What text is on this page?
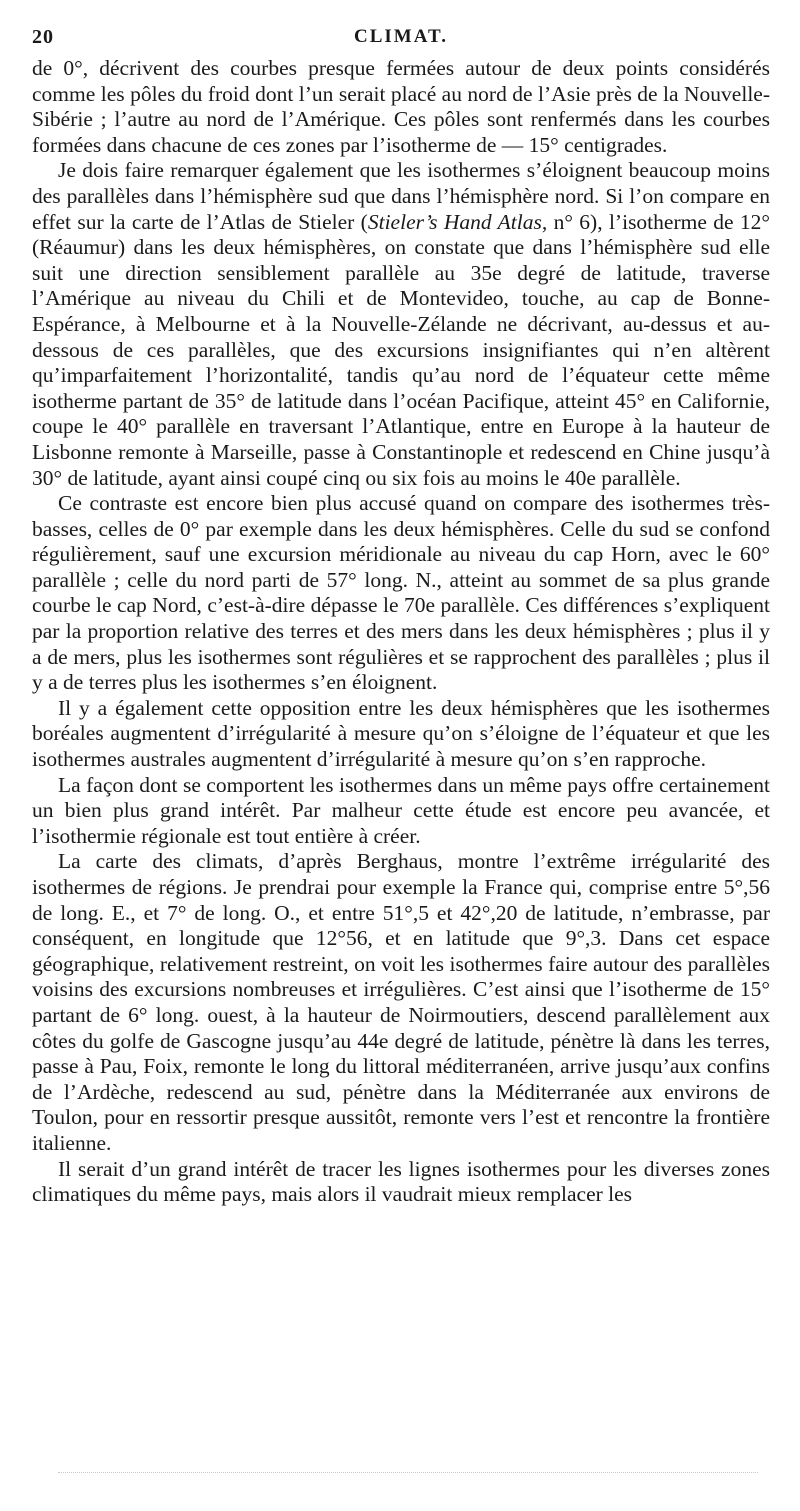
20	CLIMAT.

de 0°, décrivent des courbes presque fermées autour de deux points considérés comme les pôles du froid dont l’un serait placé au nord de l’Asie près de la Nouvelle-Sibérie ; l’autre au nord de l’Amérique. Ces pôles sont renfermés dans les courbes formées dans chacune de ces zones par l’isotherme de — 15° centigrades.

Je dois faire remarquer également que les isothermes s’éloignent beaucoup moins des parallèles dans l’hémisphère sud que dans l’hémisphère nord. Si l’on compare en effet sur la carte de l’Atlas de Stieler (Stieler’s Hand Atlas, n° 6), l’isotherme de 12° (Réaumur) dans les deux hémisphères, on constate que dans l’hémisphère sud elle suit une direction sensiblement parallèle au 35e degré de latitude, traverse l’Amérique au niveau du Chili et de Montevideo, touche, au cap de Bonne-Espérance, à Melbourne et à la Nouvelle-Zélande ne décrivant, au-dessus et au-dessous de ces parallèles, que des excursions insignifiantes qui n’en altèrent qu’imparfaitement l’horizontalité, tandis qu’au nord de l’équateur cette même isotherme partant de 35° de latitude dans l’océan Pacifique, atteint 45° en Californie, coupe le 40° parallèle en traversant l’Atlantique, entre en Europe à la hauteur de Lisbonne remonte à Marseille, passe à Constantinople et redescend en Chine jusqu’à 30° de latitude, ayant ainsi coupé cinq ou six fois au moins le 40e parallèle.

Ce contraste est encore bien plus accusé quand on compare des isothermes très-basses, celles de 0° par exemple dans les deux hémisphères. Celle du sud se confond régulièrement, sauf une excursion méridionale au niveau du cap Horn, avec le 60° parallèle ; celle du nord parti de 57° long. N., atteint au sommet de sa plus grande courbe le cap Nord, c’est-à-dire dépasse le 70e parallèle. Ces différences s’expliquent par la proportion relative des terres et des mers dans les deux hémisphères ; plus il y a de mers, plus les isothermes sont régulières et se rapprochent des parallèles ; plus il y a de terres plus les isothermes s’en éloignent.

Il y a également cette opposition entre les deux hémisphères que les isothermes boréales augmentent d’irrégularité à mesure qu’on s’éloigne de l’équateur et que les isothermes australes augmentent d’irrégularité à mesure qu’on s’en rapproche.

La façon dont se comportent les isothermes dans un même pays offre certainement un bien plus grand intérêt. Par malheur cette étude est encore peu avancée, et l’isothermie régionale est tout entière à créer.

La carte des climats, d’après Berghaus, montre l’extrême irrégularité des isothermes de régions. Je prendrai pour exemple la France qui, comprise entre 5°,56 de long. E., et 7° de long. O., et entre 51°,5 et 42°,20 de latitude, n’embrasse, par conséquent, en longitude que 12°56, et en latitude que 9°,3. Dans cet espace géographique, relativement restreint, on voit les isothermes faire autour des parallèles voisins des excursions nombreuses et irrégulières. C’est ainsi que l’isotherme de 15° partant de 6° long. ouest, à la hauteur de Noirmoutiers, descend parallèlement aux côtes du golfe de Gascogne jusqu’au 44e degré de latitude, pénètre là dans les terres, passe à Pau, Foix, remonte le long du littoral méditerranéen, arrive jusqu’aux confins de l’Ardèche, redescend au sud, pénètre dans la Méditerranée aux environs de Toulon, pour en ressortir presque aussitôt, remonte vers l’est et rencontre la frontière italienne.

Il serait d’un grand intérêt de tracer les lignes isothermes pour les diverses zones climatiques du même pays, mais alors il vaudrait mieux remplacer les
